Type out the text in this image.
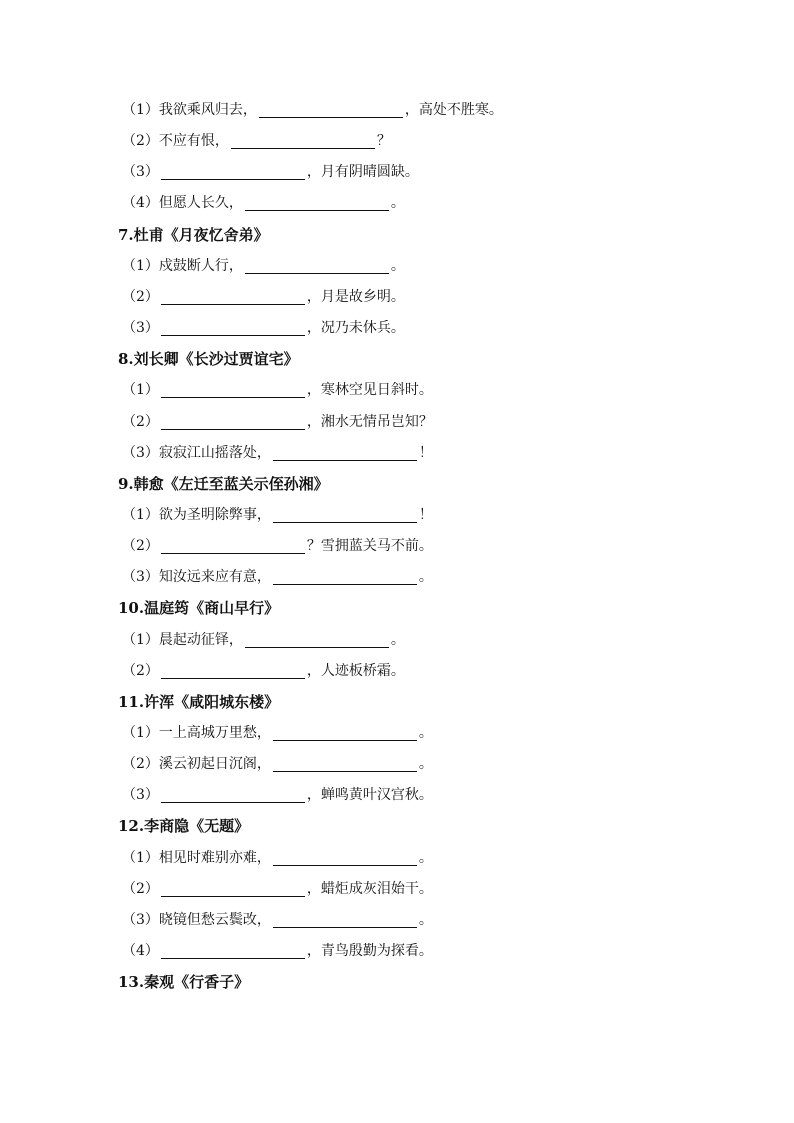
（1） 我欲乘风归去，	，高处不胜寒。
（2） 不应有恨，	？
（3）	，月有阴晴圆缺。
（4） 但愿人长久，	。
7.杜甫《月夜忆舍弟》
（1） 戍鼓断人行，	。
（2）	，月是故乡明。
（3）	，况乃未休兵。
8.刘长卿《长沙过贾谊宅》
（1）	，寒林空见日斜时。
（2）	，湘水无情吊岂知？
（3） 寂寂江山摇落处，	！
9.韩愈《左迁至蓝关示侄孙湘》
（1） 欲为圣明除弊事，	！
（2）	？雪拥蓝关马不前。
（3） 知汝远来应有意，	。
10.温庭筠《商山早行》
（1） 晨起动征铎，	。
（2）	，人迹板桥霜。
11.许浑《咸阳城东楼》
（1） 一上高城万里愁，	。
（2） 溪云初起日沉阁，	。
（3）	，蝉鸣黄叶汉宫秋。
12.李商隐《无题》
（1） 相见时难别亦难，	。
（2）	，蜡炬成灰泪始干。
（3） 晓镜但愁云鬓改，	。
（4）	，青鸟殷勤为探看。
13.秦观《行香子》
